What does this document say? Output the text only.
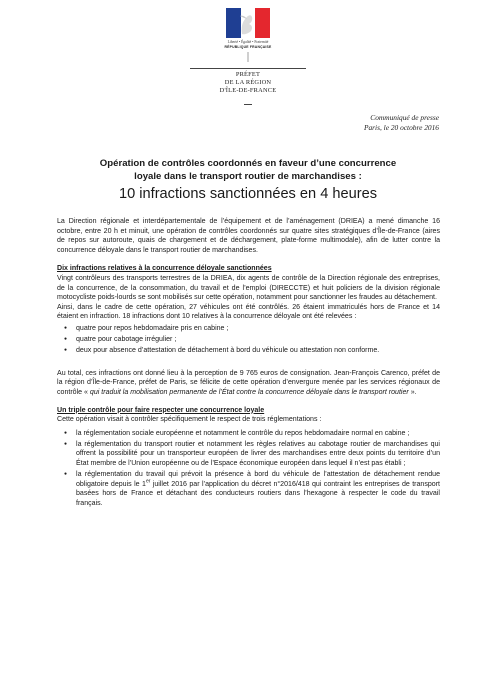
Liberté • Égalité • Fraternité
RÉPUBLIQUE FRANÇAISE
PRÉFET
DE LA RÉGION
D'ÎLE-DE-FRANCE
Communiqué de presse
Paris, le 20 octobre 2016
Opération de contrôles coordonnés en faveur d’une concurrence
loyale dans le transport routier de marchandises :
10 infractions sanctionnées en 4 heures

La Direction régionale et interdépartementale de l’équipement et de l’aménagement (DRIEA) a mené dimanche 16 octobre, entre 20 h et minuit, une opération de contrôles coordonnés sur quatre sites stratégiques d’Île-de-France (aires de repos sur autoroute, quais de chargement et de déchargement, plate-forme multimodale), afin de lutter contre la concurrence déloyale dans le transport routier de marchandises.

Dix infractions relatives à la concurrence déloyale sanctionnées

Vingt contrôleurs des transports terrestres de la DRIEA, dix agents de contrôle de la Direction régionale des entreprises, de la concurrence, de la consommation, du travail et de l’emploi (DIRECCTE) et huit policiers de la division régionale motocycliste poids-lourds se sont mobilisés sur cette opération, notamment pour sanctionner les fraudes au détachement.

Ainsi, dans le cadre de cette opération, 27 véhicules ont été contrôlés. 26 étaient immatriculés hors de France et 14 étaient en infraction. 18 infractions dont 10 relatives à la concurrence déloyale ont été relevées :

● quatre pour repos hebdomadaire pris en cabine ;
● quatre pour cabotage irrégulier ;
● deux pour absence d’attestation de détachement à bord du véhicule ou attestation non conforme.

Au total, ces infractions ont donné lieu à la perception de 9 765 euros de consignation. Jean-François Carenco, préfet de la région d’Île-de-France, préfet de Paris, se félicite de cette opération d’envergure menée par les services régionaux de contrôle « qui traduit la mobilisation permanente de l’État contre la concurrence déloyale dans le transport routier ».

Un triple contrôle pour faire respecter une concurrence loyale

Cette opération visait à contrôler spécifiquement le respect de trois réglementations :

● la réglementation sociale européenne et notamment le contrôle du repos hebdomadaire normal en cabine ;
● la réglementation du transport routier et notamment les règles relatives au cabotage routier de marchandises qui offrent la possibilité pour un transporteur européen de livrer des marchandises entre deux points du territoire d’un État membre de l’Union européenne ou de l’Espace économique européen dans lequel il n’est pas établi ;
● la réglementation du travail qui prévoit la présence à bord du véhicule de l’attestation de détachement rendue obligatoire depuis le 1er juillet 2016 par l’application du décret n°2016/418 qui contraint les entreprises de transport basées hors de France et détachant des conducteurs routiers dans l’hexagone à respecter le code du travail français.
